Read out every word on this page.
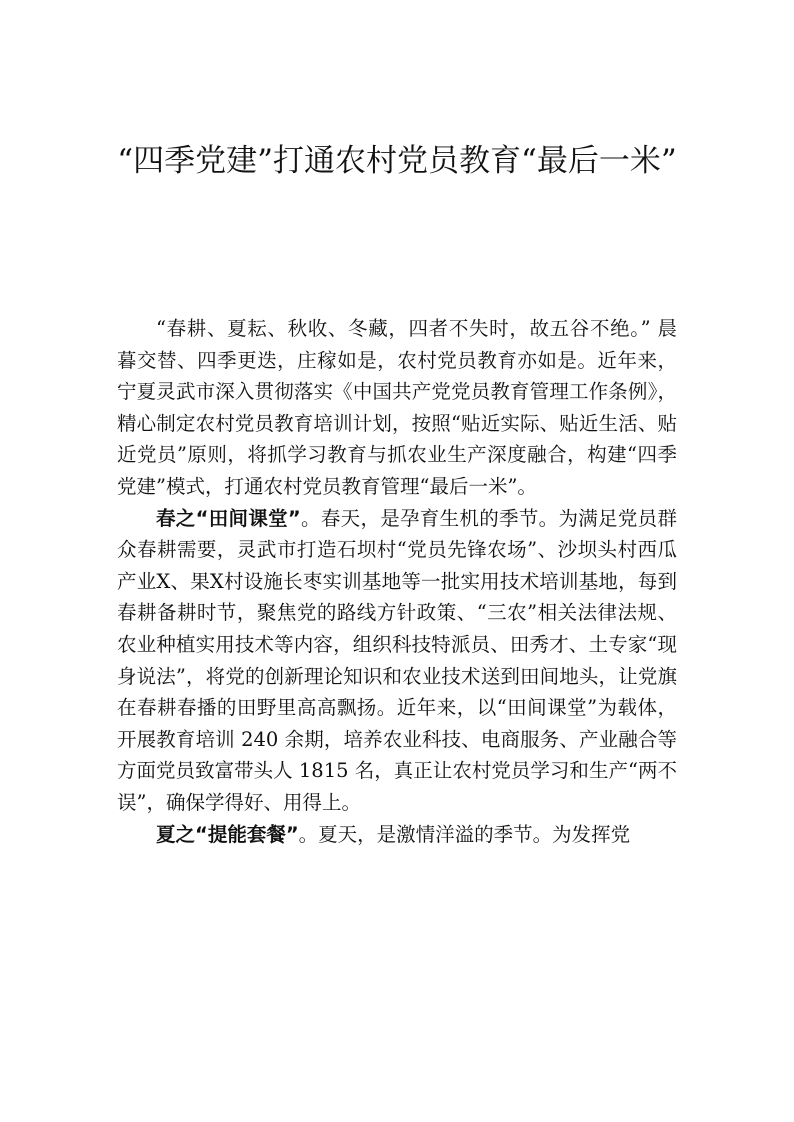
“四季党建”打通农村党员教育“最后一米”

“春耕、夏耘、秋收、冬藏，四者不失时，故五谷不绝。” 晨暮交替、四季更迭，庄稼如是，农村党员教育亦如是。近年来，宁夏灵武市深入贯彻落实《中国共产党党员教育管理工作条例》，精心制定农村党员教育培训计划，按照“贴近实际、贴近生活、贴近党员”原则，将抓学习教育与抓农业生产深度融合，构建“四季党建”模式，打通农村党员教育管理“最后一米”。

春之“田间课堂”。春天，是孕育生机的季节。为满足党员群众春耕需要，灵武市打造石坝村“党员先锋农场”、沙坝头村西瓜产业X、果X村设施长枣实训基地等一批实用技术培训基地，每到春耕备耕时节，聚焦党的路线方针政策、“三农”相关法律法规、农业种植实用技术等内容，组织科技特派员、田秀才、土专家“现身说法”，将党的创新理论知识和农业技术送到田间地头，让党旗在春耕春播的田野里高高飘扬。近年来，以“田间课堂”为载体，开展教育培训 240 余期，培养农业科技、电商服务、产业融合等方面党员致富带头人 1815 名，真正让农村党员学习和生产“两不误”，确保学得好、用得上。

夏之“提能套餐”。夏天，是激情洋溢的季节。为发挥党
